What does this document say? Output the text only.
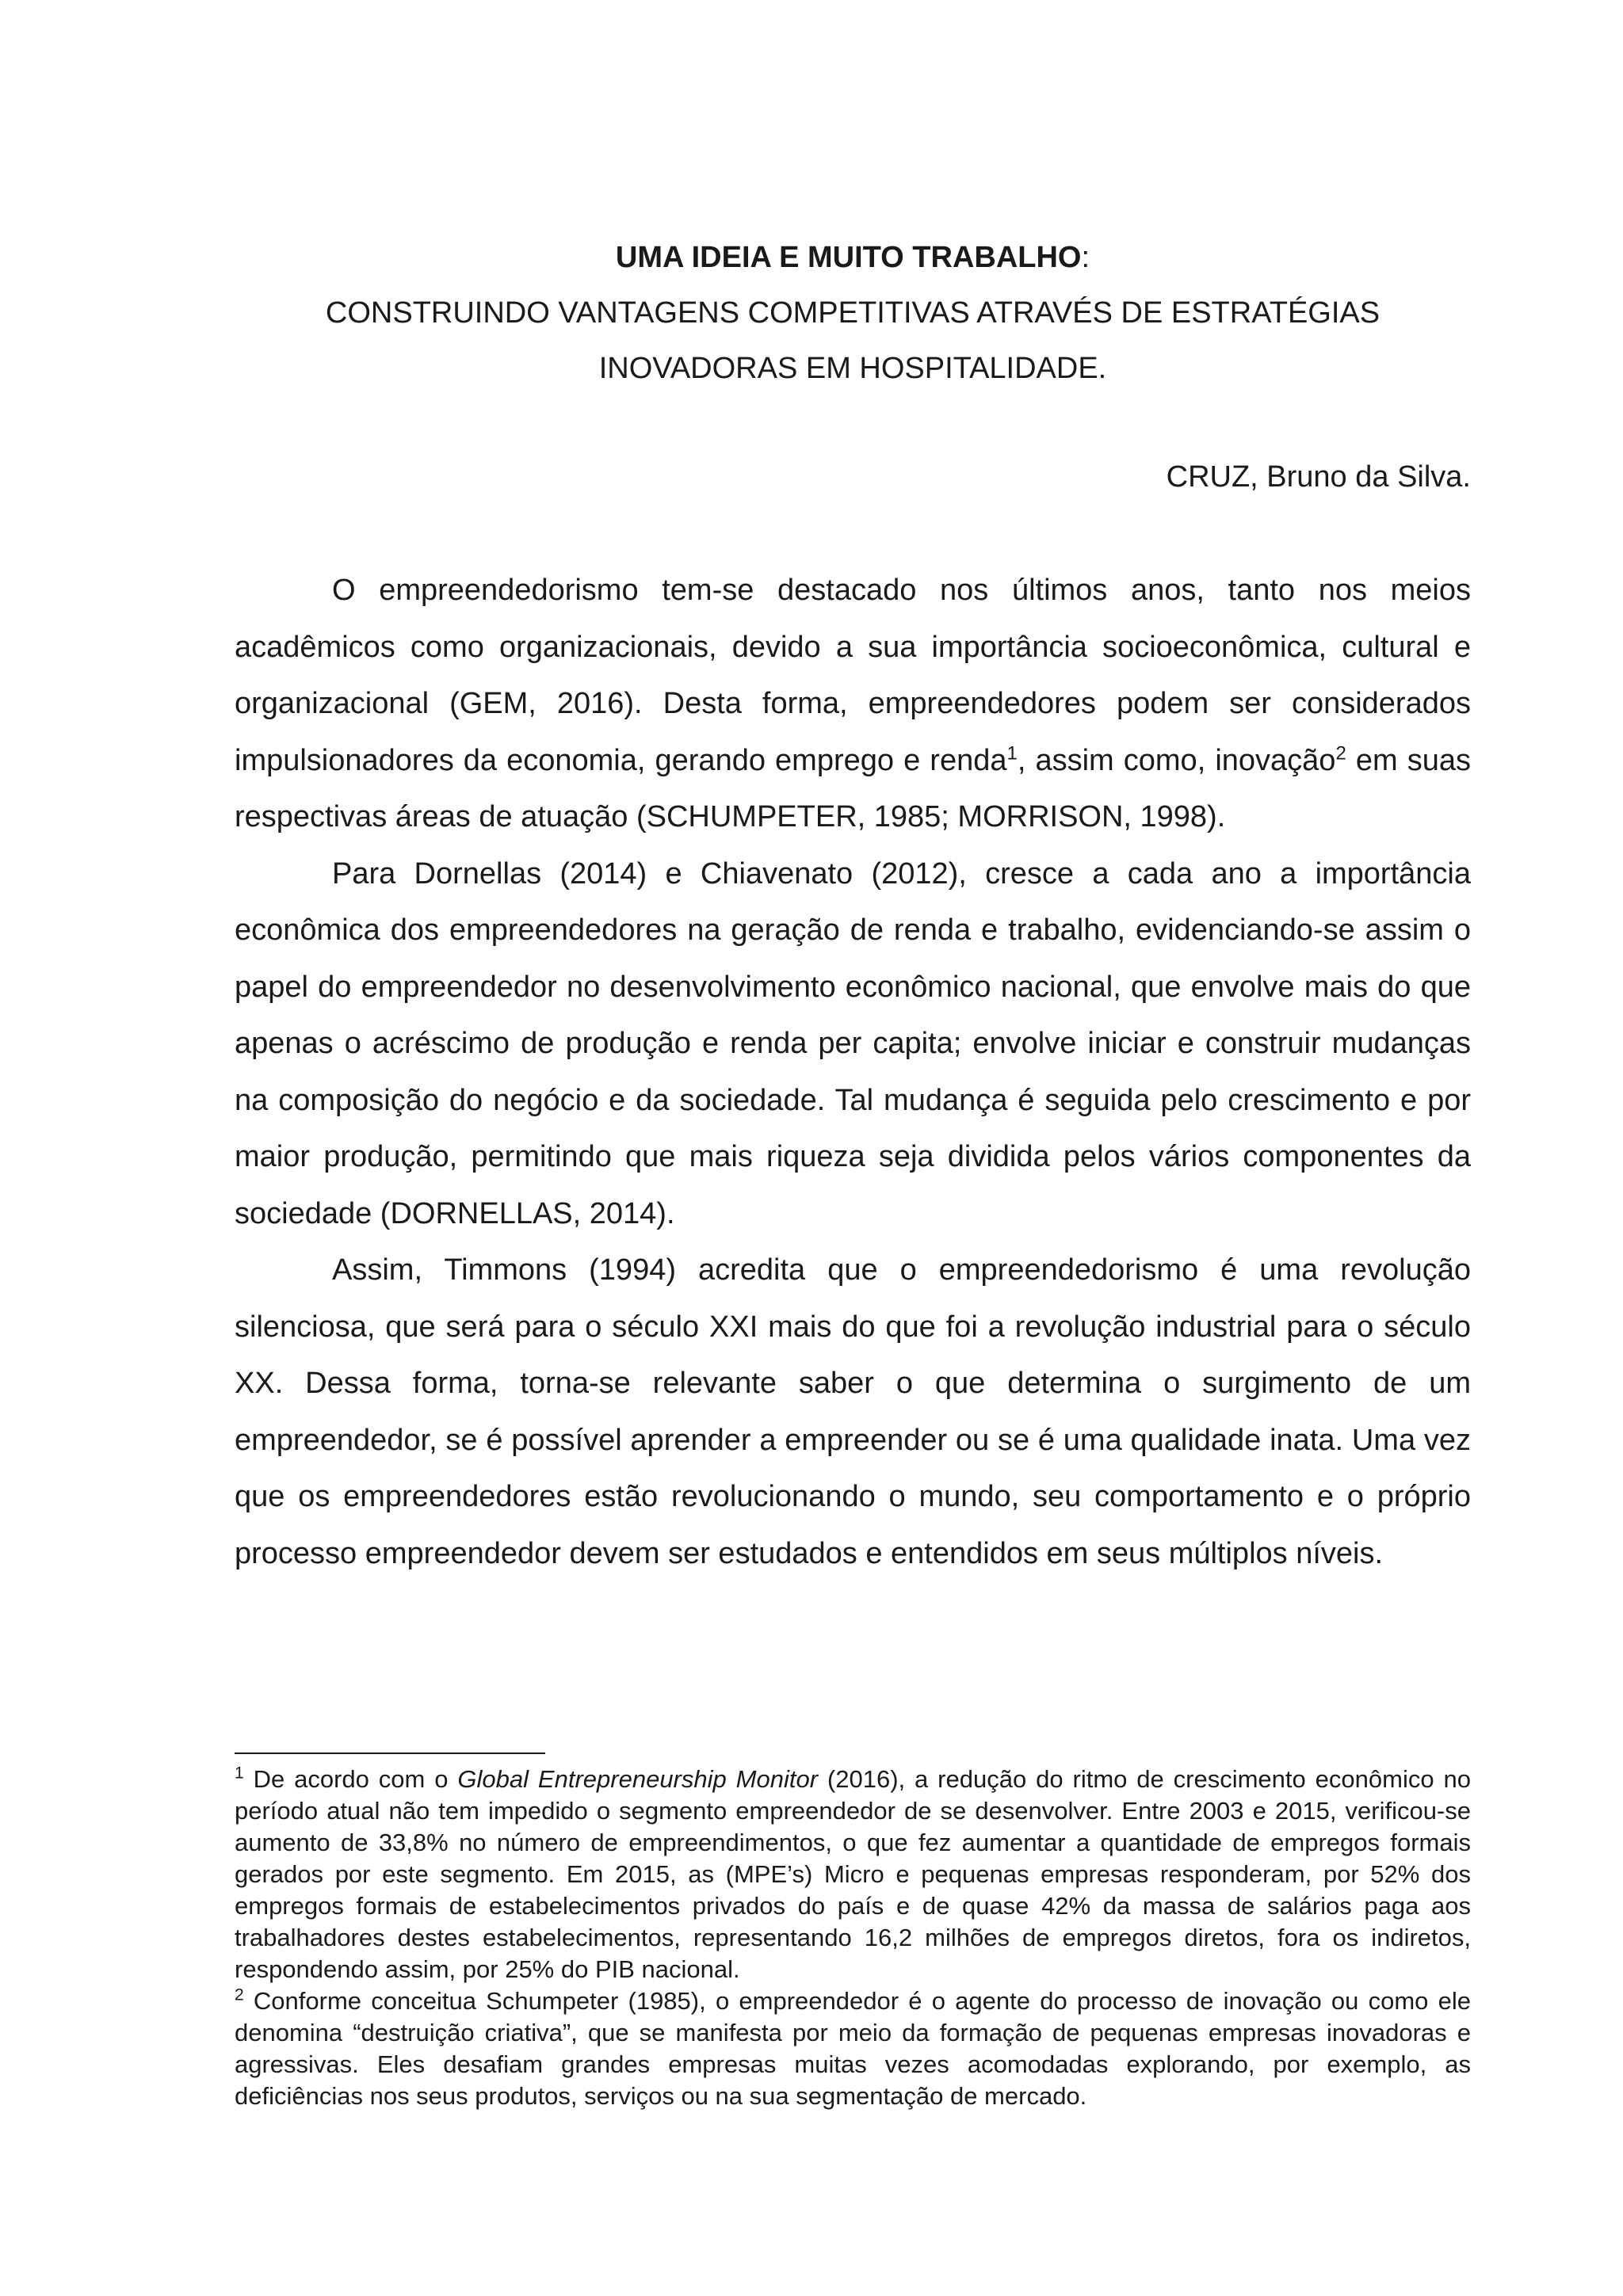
UMA IDEIA E MUITO TRABALHO:
CONSTRUINDO VANTAGENS COMPETITIVAS ATRAVÉS DE ESTRATÉGIAS
INOVADORAS EM HOSPITALIDADE.
CRUZ, Bruno da Silva.

O empreendedorismo tem-se destacado nos últimos anos, tanto nos meios acadêmicos como organizacionais, devido a sua importância socioeconômica, cultural e organizacional (GEM, 2016). Desta forma, empreendedores podem ser considerados impulsionadores da economia, gerando emprego e renda$^1$, assim como, inovação$^2$ em suas respectivas áreas de atuação (SCHUMPETER, 1985; MORRISON, 1998).

Para Dornellas (2014) e Chiavenato (2012), cresce a cada ano a importância econômica dos empreendedores na geração de renda e trabalho, evidenciando-se assim o papel do empreendedor no desenvolvimento econômico nacional, que envolve mais do que apenas o acréscimo de produção e renda per capita; envolve iniciar e construir mudanças na composição do negócio e da sociedade. Tal mudança é seguida pelo crescimento e por maior produção, permitindo que mais riqueza seja dividida pelos vários componentes da sociedade (DORNELLAS, 2014).

Assim, Timmons (1994) acredita que o empreendedorismo é uma revolução silenciosa, que será para o século XXI mais do que foi a revolução industrial para o século XX. Dessa forma, torna-se relevante saber o que determina o surgimento de um empreendedor, se é possível aprender a empreender ou se é uma qualidade inata. Uma vez que os empreendedores estão revolucionando o mundo, seu comportamento e o próprio processo empreendedor devem ser estudados e entendidos em seus múltiplos níveis.

$^1$ De acordo com o Global Entrepreneurship Monitor (2016), a redução do ritmo de crescimento econômico no período atual não tem impedido o segmento empreendedor de se desenvolver. Entre 2003 e 2015, verificou-se aumento de 33,8% no número de empreendimentos, o que fez aumentar a quantidade de empregos formais gerados por este segmento. Em 2015, as (MPE’s) Micro e pequenas empresas responderam, por 52% dos empregos formais de estabelecimentos privados do país e de quase 42% da massa de salários paga aos trabalhadores destes estabelecimentos, representando 16,2 milhões de empregos diretos, fora os indiretos, respondendo assim, por 25% do PIB nacional.

$^2$ Conforme conceitua Schumpeter (1985), o empreendedor é o agente do processo de inovação ou como ele denomina “destruição criativa”, que se manifesta por meio da formação de pequenas empresas inovadoras e agressivas. Eles desafiam grandes empresas muitas vezes acomodadas explorando, por exemplo, as deficiências nos seus produtos, serviços ou na sua segmentação de mercado.
